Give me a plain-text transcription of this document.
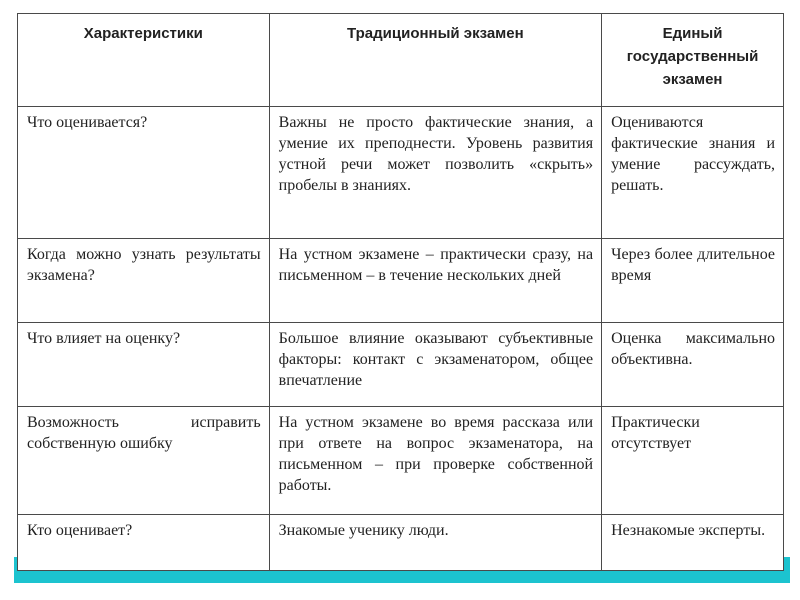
Характеристики	Традиционный экзамен	Единый государственный экзамен
Что оценивается?	Важны не просто фактические знания, а умение их преподнести. Уровень развития устной речи может позволить «скрыть» пробелы в знаниях.	Оцениваются фактические знания и умение рассуждать, решать.
Когда можно узнать результаты экзамена?	На устном экзамене – практически сразу, на письменном – в течение нескольких дней	Через более длительное время
Что влияет на оценку?	Большое влияние оказывают субъективные факторы: контакт с экзаменатором, общее впечатление	Оценка максимально объективна.
Возможность исправить собственную ошибку	На устном экзамене во время рассказа или при ответе на вопрос экзаменатора, на письменном – при проверке собственной работы.	Практически отсутствует
Кто оценивает?	Знакомые ученику люди.	Незнакомые эксперты.
